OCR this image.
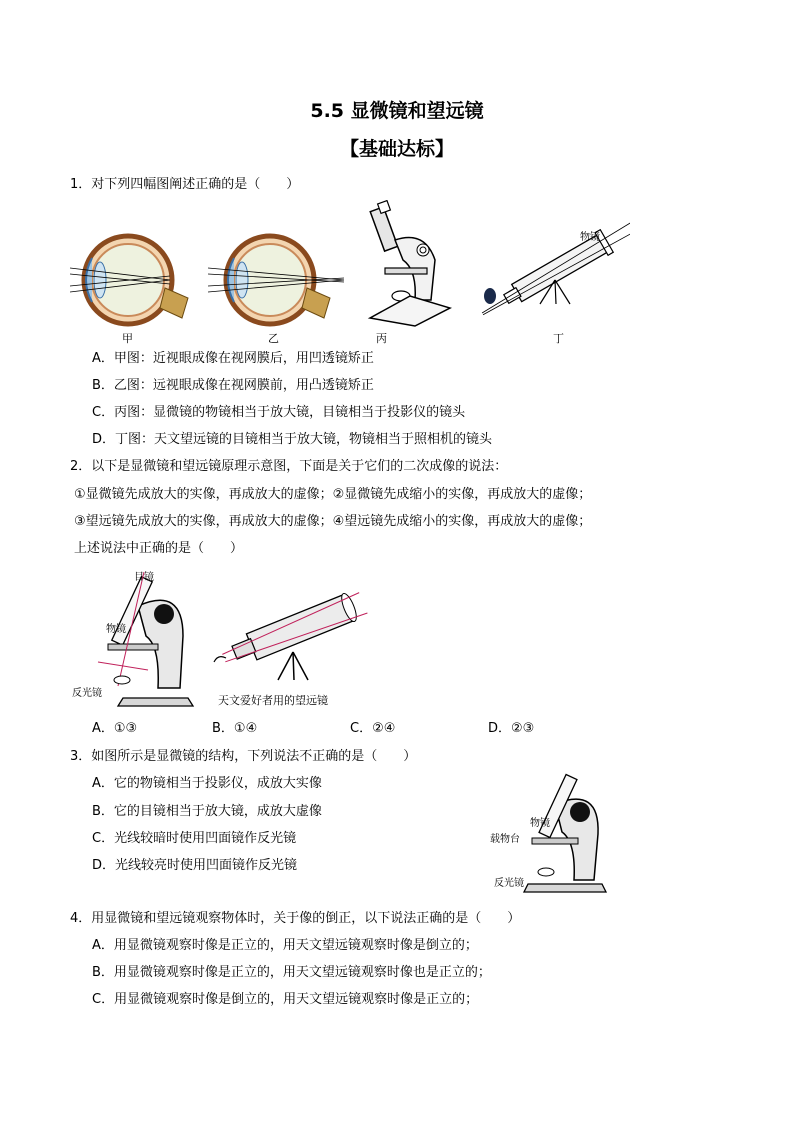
5.5 显微镜和望远镜
【基础达标】
1．对下列四幅图阐述正确的是（　　）
甲	乙	丙
物镜
丁
A．甲图：近视眼成像在视网膜后，用凹透镜矫正
B．乙图：远视眼成像在视网膜前，用凸透镜矫正
C．丙图：显微镜的物镜相当于放大镜，目镜相当于投影仪的镜头
D．丁图：天文望远镜的目镜相当于放大镜，物镜相当于照相机的镜头
2．以下是显微镜和望远镜原理示意图，下面是关于它们的二次成像的说法：
①显微镜先成放大的实像，再成放大的虚像；②显微镜先成缩小的实像，再成放大的虚像；
③望远镜先成放大的实像，再成放大的虚像；④望远镜先成缩小的实像，再成放大的虚像；
上述说法中正确的是（　　）
目镜
物镜
反光镜
天文爱好者用的望远镜
A．①③	B．①④	C．②④	D．②③
3．如图所示是显微镜的结构，下列说法不正确的是（　　）
A．它的物镜相当于投影仪，成放大实像
B．它的目镜相当于放大镜，成放大虚像
C．光线较暗时使用凹面镜作反光镜
D．光线较亮时使用凹面镜作反光镜
物镜
载物台
反光镜
4．用显微镜和望远镜观察物体时，关于像的倒正，以下说法正确的是（　　）
A．用显微镜观察时像是正立的，用天文望远镜观察时像是倒立的；
B．用显微镜观察时像是正立的，用天文望远镜观察时像也是正立的；
C．用显微镜观察时像是倒立的，用天文望远镜观察时像是正立的；
